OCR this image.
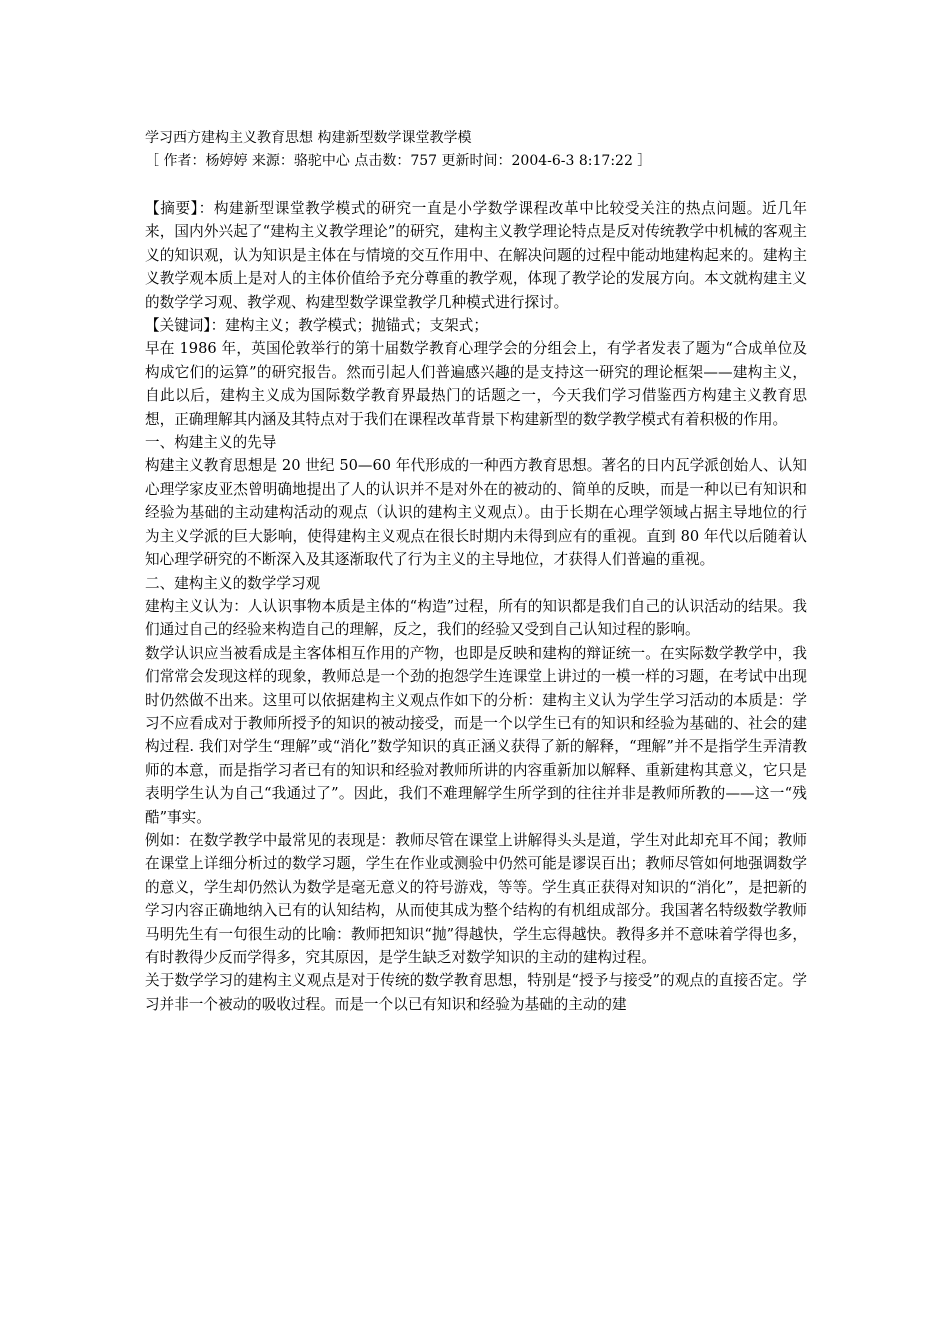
学习西方建构主义教育思想 构建新型数学课堂教学模

［ 作者：杨婷婷 来源：骆驼中心 点击数：757 更新时间：2004-6-3 8:17:22 ］

【摘要】：构建新型课堂教学模式的研究一直是小学数学课程改革中比较受关注的热点问题。近几年来，国内外兴起了“建构主义教学理论”的研究，建构主义教学理论特点是反对传统教学中机械的客观主义的知识观，认为知识是主体在与情境的交互作用中、在解决问题的过程中能动地建构起来的。建构主义教学观本质上是对人的主体价值给予充分尊重的教学观，体现了教学论的发展方向。本文就构建主义的数学学习观、教学观、构建型数学课堂教学几种模式进行探讨。

【关键词】：建构主义；教学模式；抛锚式；支架式；

早在 1986 年，英国伦敦举行的第十届数学教育心理学会的分组会上，有学者发表了题为“合成单位及构成它们的运算”的研究报告。然而引起人们普遍感兴趣的是支持这一研究的理论框架——建构主义，自此以后，建构主义成为国际数学教育界最热门的话题之一，今天我们学习借鉴西方构建主义教育思想，正确理解其内涵及其特点对于我们在课程改革背景下构建新型的数学教学模式有着积极的作用。

一、构建主义的先导

构建主义教育思想是 20 世纪 50—60 年代形成的一种西方教育思想。著名的日内瓦学派创始人、认知心理学家皮亚杰曾明确地提出了人的认识并不是对外在的被动的、简单的反映，而是一种以已有知识和经验为基础的主动建构活动的观点（认识的建构主义观点）。由于长期在心理学领域占据主导地位的行为主义学派的巨大影响，使得建构主义观点在很长时期内未得到应有的重视。直到 80 年代以后随着认知心理学研究的不断深入及其逐渐取代了行为主义的主导地位，才获得人们普遍的重视。

二、建构主义的数学学习观

建构主义认为：人认识事物本质是主体的“构造”过程，所有的知识都是我们自己的认识活动的结果。我们通过自己的经验来构造自己的理解，反之，我们的经验又受到自己认知过程的影响。

数学认识应当被看成是主客体相互作用的产物，也即是反映和建构的辩证统一。在实际数学教学中，我们常常会发现这样的现象，教师总是一个劲的抱怨学生连课堂上讲过的一模一样的习题，在考试中出现时仍然做不出来。这里可以依据建构主义观点作如下的分析：建构主义认为学生学习活动的本质是：学习不应看成对于教师所授予的知识的被动接受，而是一个以学生已有的知识和经验为基础的、社会的建构过程. 我们对学生“理解”或“消化”数学知识的真正涵义获得了新的解释，“理解”并不是指学生弄清教师的本意，而是指学习者已有的知识和经验对教师所讲的内容重新加以解释、重新建构其意义，它只是表明学生认为自己“我通过了”。因此，我们不难理解学生所学到的往往并非是教师所教的——这一“残酷”事实。

例如：在数学教学中最常见的表现是：教师尽管在课堂上讲解得头头是道，学生对此却充耳不闻；教师在课堂上详细分析过的数学习题，学生在作业或测验中仍然可能是谬误百出；教师尽管如何地强调数学的意义，学生却仍然认为数学是毫无意义的符号游戏，等等。学生真正获得对知识的“消化”，是把新的学习内容正确地纳入已有的认知结构，从而使其成为整个结构的有机组成部分。我国著名特级数学教师马明先生有一句很生动的比喻：教师把知识“抛”得越快，学生忘得越快。教得多并不意味着学得也多，有时教得少反而学得多，究其原因，是学生缺乏对数学知识的主动的建构过程。

关于数学学习的建构主义观点是对于传统的数学教育思想，特别是“授予与接受”的观点的直接否定。学习并非一个被动的吸收过程。而是一个以已有知识和经验为基础的主动的建
